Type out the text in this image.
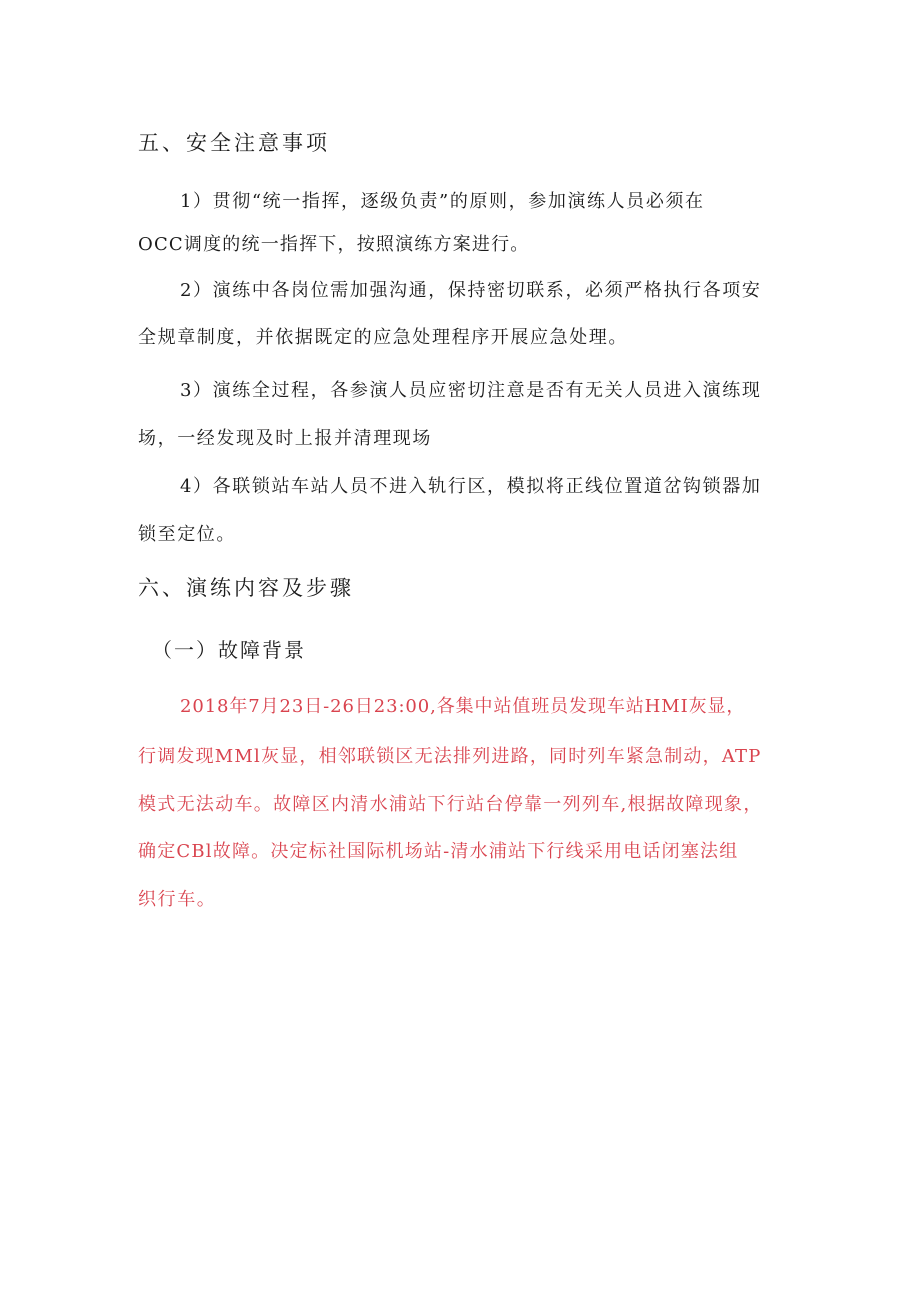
五、安全注意事项
1）贯彻“统一指挥，逐级负责”的原则，参加演练人员必须在
OCC调度的统一指挥下，按照演练方案进行。
2）演练中各岗位需加强沟通，保持密切联系，必须严格执行各项安
全规章制度，并依据既定的应急处理程序开展应急处理。
3）演练全过程，各参演人员应密切注意是否有无关人员进入演练现
场，一经发现及时上报并清理现场
4）各联锁站车站人员不进入轨行区，模拟将正线位置道岔钩锁器加
锁至定位。
六、演练内容及步骤
（一）故障背景
2018年7月23日-26日23:00,各集中站值班员发现车站HMI灰显，
行调发现MMl灰显，相邻联锁区无法排列进路，同时列车紧急制动，ATP
模式无法动车。故障区内清水浦站下行站台停靠一列列车,根据故障现象，
确定CBl故障。决定标社国际机场站-清水浦站下行线采用电话闭塞法组
织行车。
